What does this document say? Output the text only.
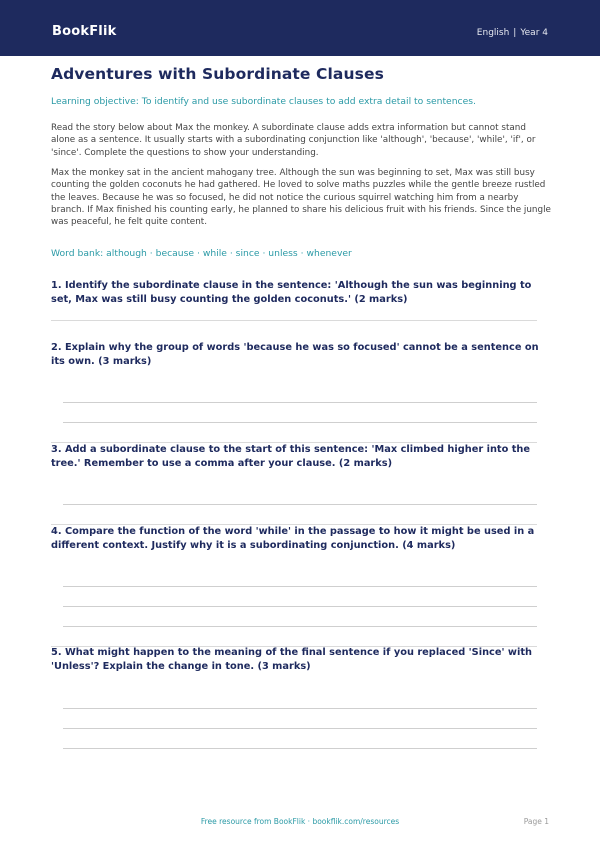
BookFlik	English | Year 4
Adventures with Subordinate Clauses
Learning objective: To identify and use subordinate clauses to add extra detail to sentences.
Read the story below about Max the monkey. A subordinate clause adds extra information but cannot stand alone as a sentence. It usually starts with a subordinating conjunction like 'although', 'because', 'while', 'if', or 'since'. Complete the questions to show your understanding.
Max the monkey sat in the ancient mahogany tree. Although the sun was beginning to set, Max was still busy counting the golden coconuts he had gathered. He loved to solve maths puzzles while the gentle breeze rustled the leaves. Because he was so focused, he did not notice the curious squirrel watching him from a nearby branch. If Max finished his counting early, he planned to share his delicious fruit with his friends. Since the jungle was peaceful, he felt quite content.
Word bank: although · because · while · since · unless · whenever
1. Identify the subordinate clause in the sentence: 'Although the sun was beginning to set, Max was still busy counting the golden coconuts.' (2 marks)
2. Explain why the group of words 'because he was so focused' cannot be a sentence on its own. (3 marks)
3. Add a subordinate clause to the start of this sentence: 'Max climbed higher into the tree.' Remember to use a comma after your clause. (2 marks)
4. Compare the function of the word 'while' in the passage to how it might be used in a different context. Justify why it is a subordinating conjunction. (4 marks)
5. What might happen to the meaning of the final sentence if you replaced 'Since' with 'Unless'? Explain the change in tone. (3 marks)
Free resource from BookFlik · bookflik.com/resources	Page 1
